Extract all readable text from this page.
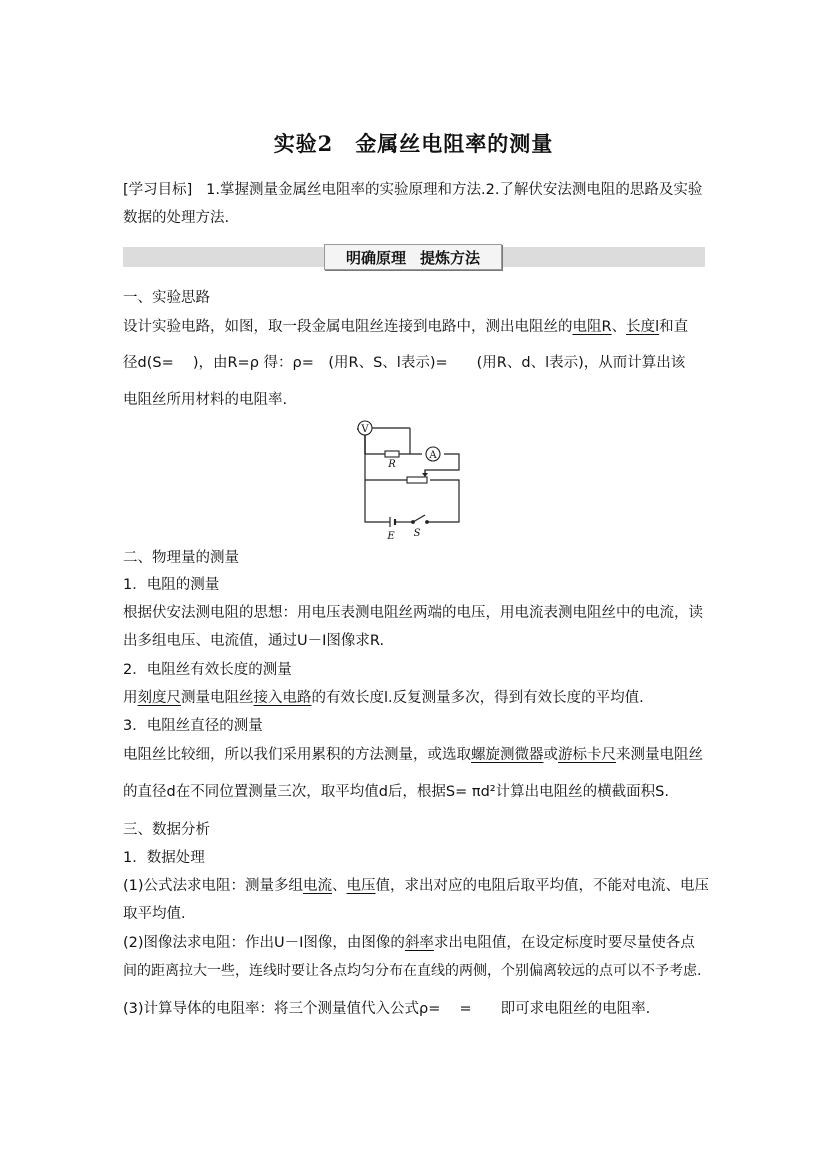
实验2 金属丝电阻率的测量
[学习目标] 1.掌握测量金属丝电阻率的实验原理和方法.2.了解伏安法测电阻的思路及实验
数据的处理方法.
明确原理 提炼方法
一、实验思路
设计实验电路，如图，取一段金属电阻丝连接到电路中，测出电阻丝的电阻R、长度l和直
径d(S=　 )，由R=ρ 得：ρ=　(用R、S、l表示)=　　(用R、d、l表示)，从而计算出该
电阻丝所用材料的电阻率.
V
R
A
E S
二、物理量的测量
1．电阻的测量
根据伏安法测电阻的思想：用电压表测电阻丝两端的电压，用电流表测电阻丝中的电流，读
出多组电压、电流值，通过U－I图像求R.
2．电阻丝有效长度的测量
用刻度尺测量电阻丝接入电路的有效长度l.反复测量多次，得到有效长度的平均值.
3．电阻丝直径的测量
电阻丝比较细，所以我们采用累积的方法测量，或选取螺旋测微器或游标卡尺来测量电阻丝
的直径d在不同位置测量三次，取平均值d后，根据S= πd²计算出电阻丝的横截面积S.
三、数据分析
1．数据处理
(1)公式法求电阻：测量多组电流、电压值，求出对应的电阻后取平均值，不能对电流、电压
取平均值.
(2)图像法求电阻：作出U－I图像，由图像的斜率求出电阻值，在设定标度时要尽量使各点
间的距离拉大一些，连线时要让各点均匀分布在直线的两侧，个别偏离较远的点可以不予考虑.
(3)计算导体的电阻率：将三个测量值代入公式ρ=　 =　　即可求电阻丝的电阻率.
